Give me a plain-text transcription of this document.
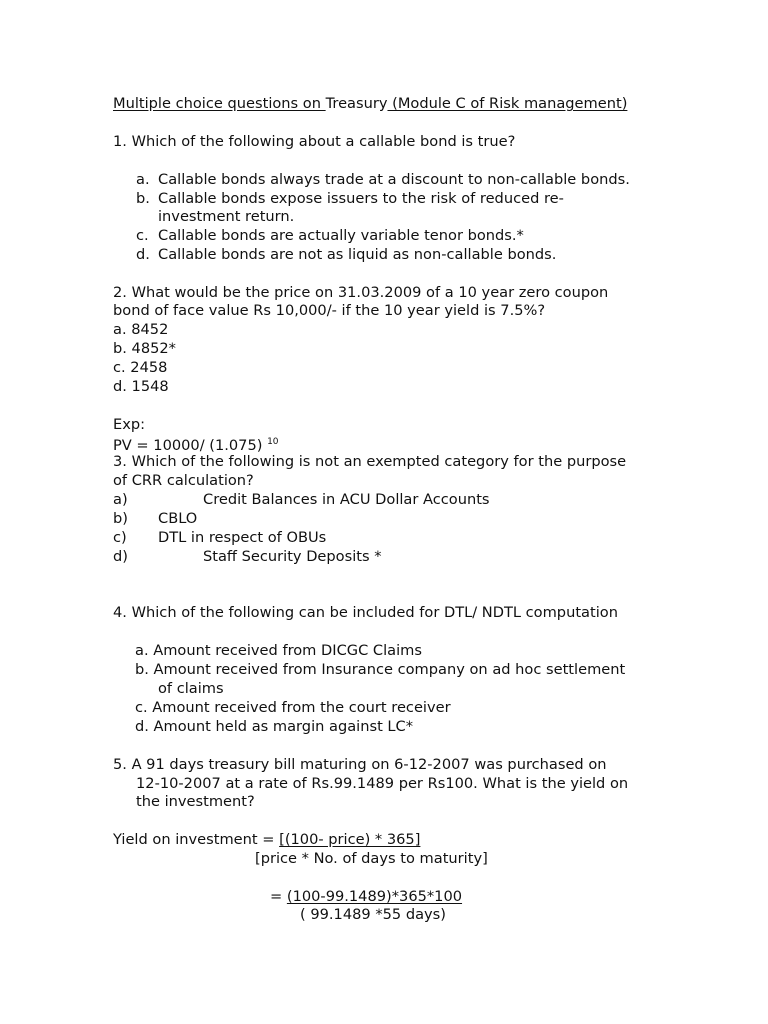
Multiple choice questions on Treasury (Module C of Risk management)
1. Which of the following about a callable bond is true?
a. Callable bonds always trade at a discount to non-callable bonds.
b. Callable bonds expose issuers to the risk of reduced re-
investment return.
c. Callable bonds are actually variable tenor bonds.*
d. Callable bonds are not as liquid as non-callable bonds.
2. What would be the price on 31.03.2009 of a 10 year zero coupon
bond of face value Rs 10,000/- if the 10 year yield is 7.5%?
a. 8452
b. 4852*
c. 2458
d. 1548
Exp:
PV = 10000/ (1.075) $^{10}$
3. Which of the following is not an exempted category for the purpose
of CRR calculation?
a)	Credit Balances in ACU Dollar Accounts
b) CBLO
c) DTL in respect of OBUs
d)	Staff Security Deposits *
4. Which of the following can be included for DTL/ NDTL computation
a. Amount received from DICGC Claims
b. Amount received from Insurance company on ad hoc settlement
of claims
c. Amount received from the court receiver
d. Amount held as margin against LC*
5. A 91 days treasury bill maturing on 6-12-2007 was purchased on
12-10-2007 at a rate of Rs.99.1489 per Rs100. What is the yield on
the investment?
Yield on investment = [(100- price) * 365]
[price * No. of days to maturity]
= (100-99.1489)*365*100
( 99.1489 *55 days)
